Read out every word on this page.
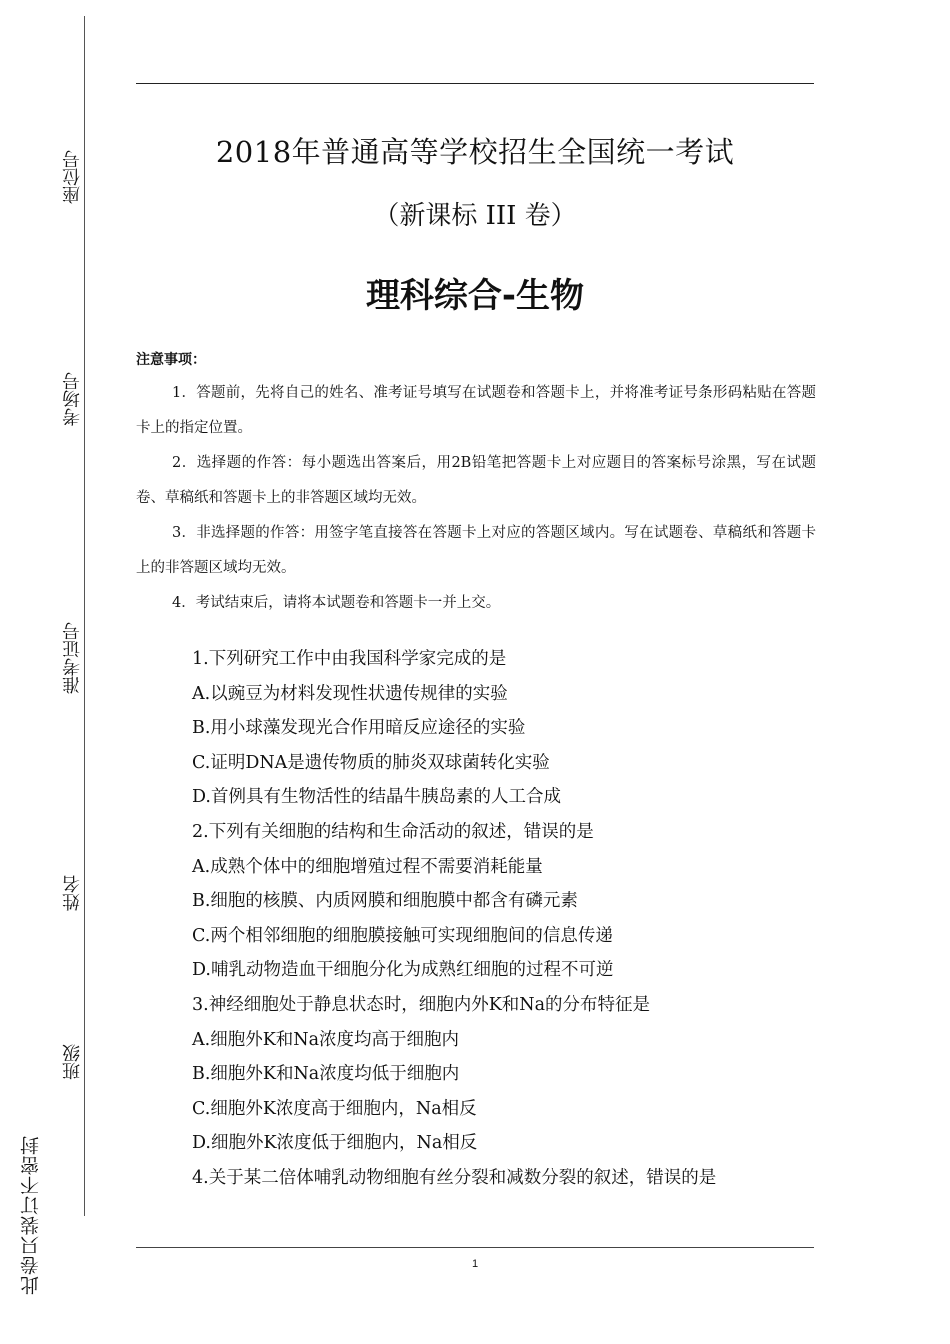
座位号
考场号
准考证号
姓名
班级
此卷只装订不密封
2018年普通高等学校招生全国统一考试
（新课标 III 卷）
理科综合-生物
注意事项：
1．答题前，先将自己的姓名、准考证号填写在试题卷和答题卡上，并将准考证号条形码粘贴在答题卡上的指定位置。
2．选择题的作答：每小题选出答案后，用2B铅笔把答题卡上对应题目的答案标号涂黑，写在试题卷、草稿纸和答题卡上的非答题区域均无效。
3．非选择题的作答：用签字笔直接答在答题卡上对应的答题区域内。写在试题卷、草稿纸和答题卡上的非答题区域均无效。
4．考试结束后，请将本试题卷和答题卡一并上交。
1.下列研究工作中由我国科学家完成的是
A.以豌豆为材料发现性状遗传规律的实验
B.用小球藻发现光合作用暗反应途径的实验
C.证明DNA是遗传物质的肺炎双球菌转化实验
D.首例具有生物活性的结晶牛胰岛素的人工合成
2.下列有关细胞的结构和生命活动的叙述，错误的是
A.成熟个体中的细胞增殖过程不需要消耗能量
B.细胞的核膜、内质网膜和细胞膜中都含有磷元素
C.两个相邻细胞的细胞膜接触可实现细胞间的信息传递
D.哺乳动物造血干细胞分化为成熟红细胞的过程不可逆
3.神经细胞处于静息状态时，细胞内外K和Na的分布特征是
A.细胞外K和Na浓度均高于细胞内
B.细胞外K和Na浓度均低于细胞内
C.细胞外K浓度高于细胞内，Na相反
D.细胞外K浓度低于细胞内，Na相反
4.关于某二倍体哺乳动物细胞有丝分裂和减数分裂的叙述，错误的是
1
